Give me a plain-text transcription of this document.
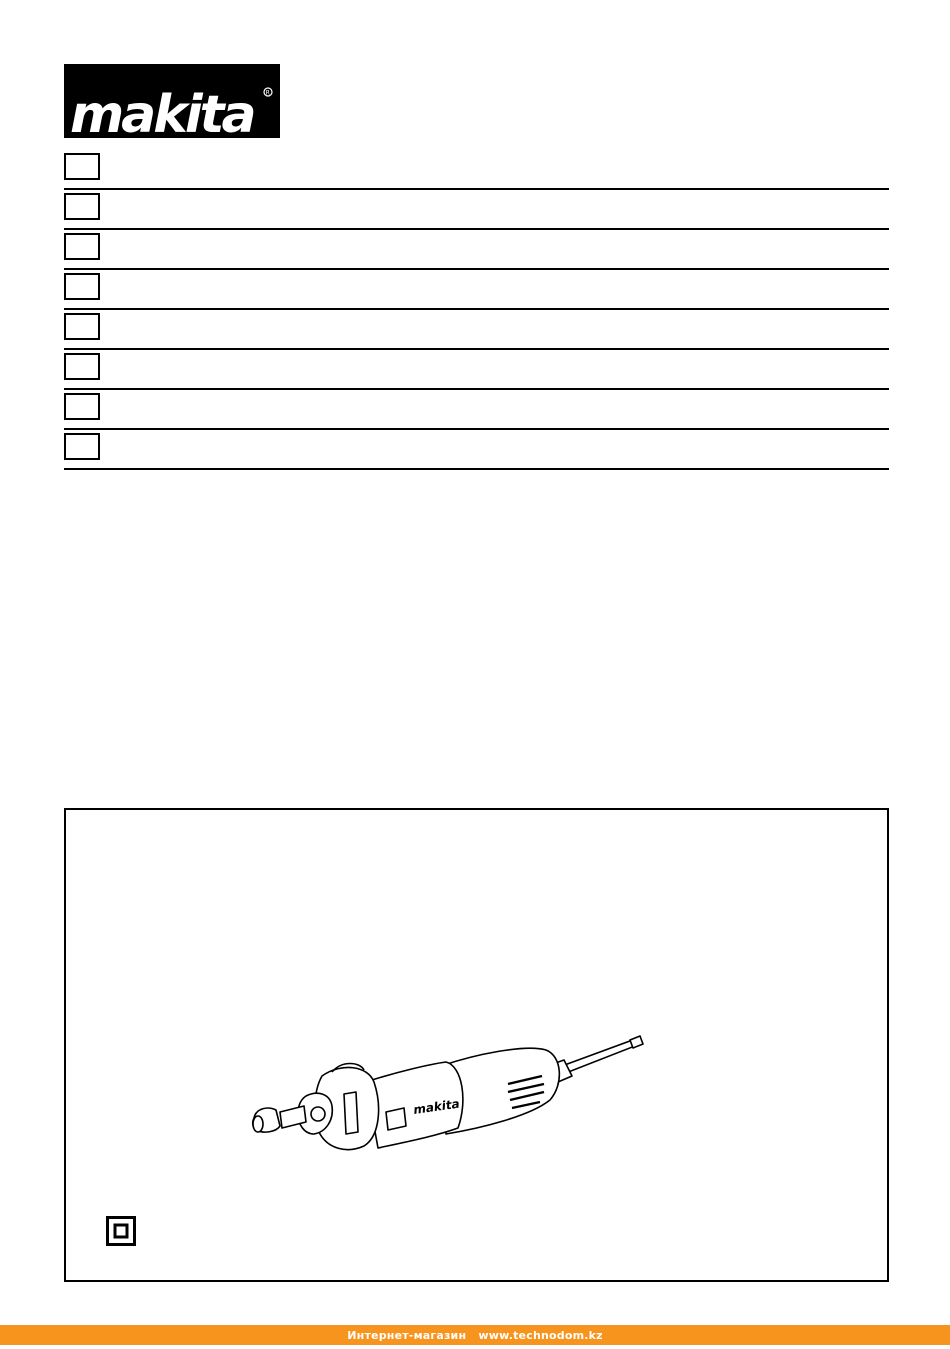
makita R
makita
Интернет-магазин   www.technodom.kz
